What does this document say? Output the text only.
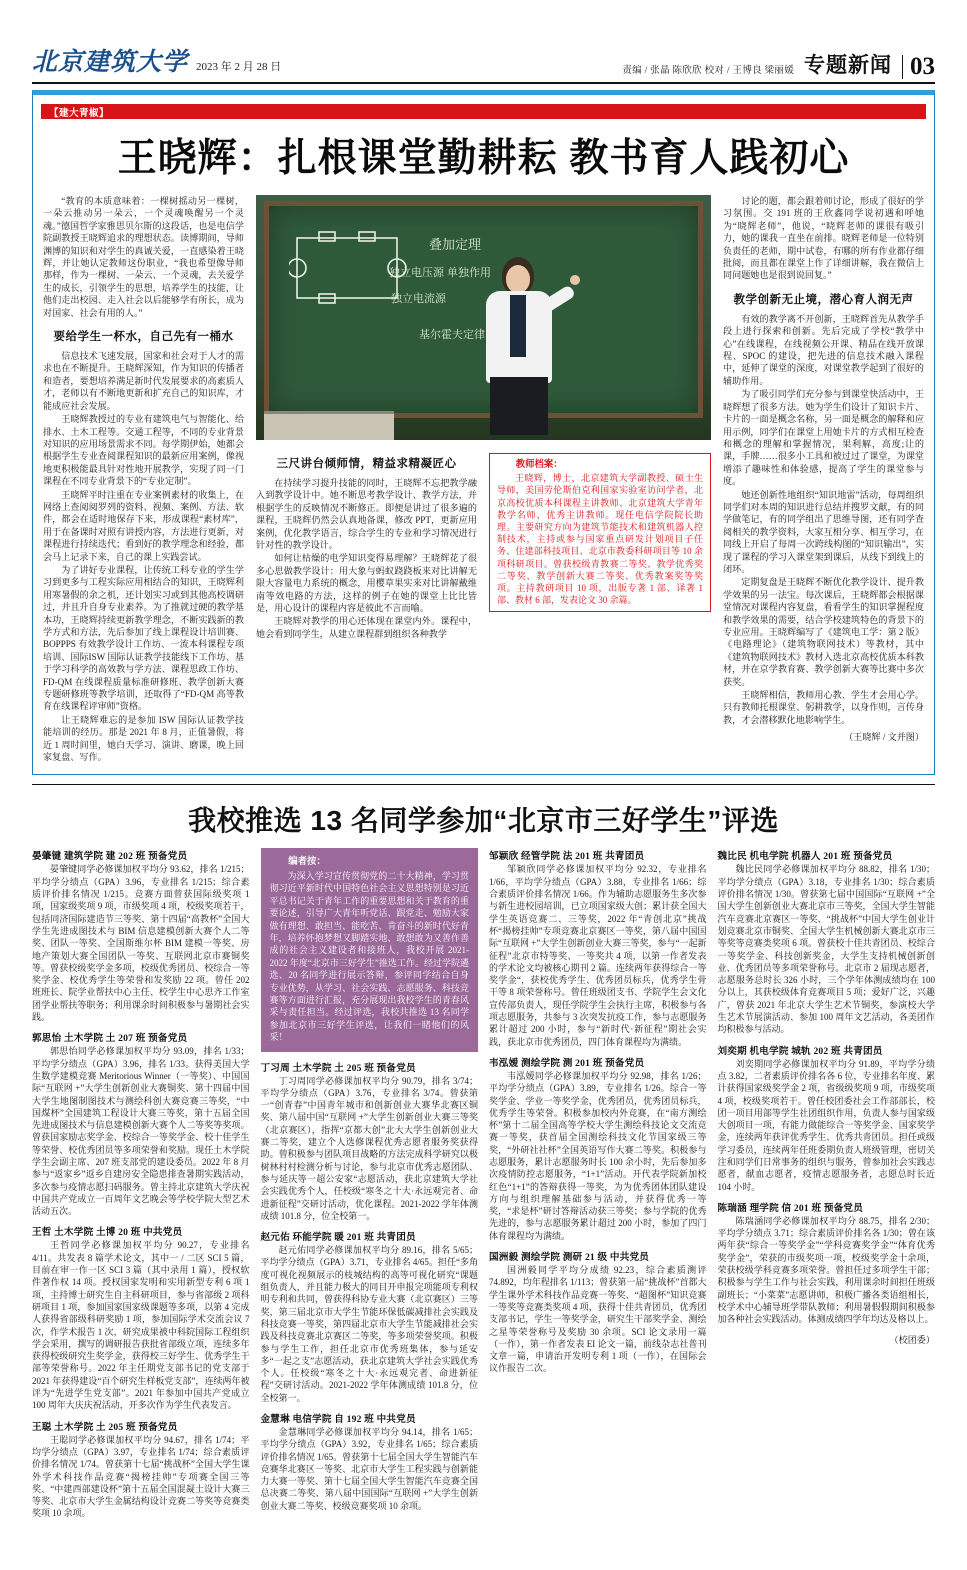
北京建筑大学 2023 年 2 月 28 日	责编 / 张晶 陈欣欣 校对 / 王博良 梁丽媛 专题新闻 03
【建大青椒】
王晓辉：扎根课堂勤耕耘 教书育人践初心

“教育的本质意味着：一棵树摇动另一棵树，一朵云推动另一朵云，一个灵魂唤醒另一个灵魂。”德国哲学家雅思贝尔斯的这段话，也是电信学院副教授王晓辉追求的理想状态。读博期间，导师渊博的知识和对学生的真诚关爱，一直感染着王晓辉，并让她认定教师这份职业，“我也希望像导师那样，作为一棵树、一朵云、一个灵魂，去关爱学生的成长，引领学生的思想，培养学生的技能，让他们走出校园、走入社会以后能够学有所长，成为对国家、社会有用的人。”

要给学生一杯水，自己先有一桶水

信息技术飞速发展，国家和社会对于人才的需求也在不断提升。王晓辉深知，作为知识的传播者和造者，要想培养满足新时代发展要求的高素质人才，老师以有不断地更新和扩充自己的知识库，才能成应社会发展。

王晓辉教授过的专业有建筑电气与智能化、给排水、土木工程等。交通工程等，不同的专业背景对知识的应用场景需求不同。每学期伊始，她都会根据学生专业查阅课程知识的最新应用案例，像视地更积极能最具针对性地开展教学，实现了同一门课程在不同专业背景下的“专业定制”。

王晓辉平时注重在专业案例素材的收集上，在网络上查阅阅罗列的资料、视频、案例、方法、软件，都会在适时地保存下来，形成课程“素材库”，用于在备课时对照有讲授内容，方法进行更新，对课程进行持续迭代；看到好的教学理念和经验，都会马上记录下来，自己的课上实践尝试。

为了讲好专业课程，让传统工科专业的学生学习到更多与工程实际应用相结合的知识，王晓辉利用寒暑假的余之机，还计划实习或到其他高校调研过，并且升自身专业素养。为了推就过硬的教学基本功，王晓辉持续更新教学理念，不断实践新的教学方式和方法，先后参加了线上课程设计培训赛、BOPPPS 有效教学设计工作坊、一流本科课程专项培训、国际ISW 国际认证教学技能线下工作坊、基于学习科学的高效教与学方法、课程思政工作坊、FD-QM 在线课程质量标准研修班、教学创新大赛专题研修班等教学培训，还取得了“FD-QM 高等教育在线课程评审师”资格。

让王晓辉难忘的是参加 ISW 国际认证教学技能培训的经历。那是 2021 年 8 月，正值暑假，将近 1 周时间里，她白天学习、演讲、磨课，晚上回家复盘、写作。

叠加定理
独立电压源 单独作用
独立电流源
基尔霍夫定律
三尺讲台倾师情，精益求精凝匠心

在持续学习提升技能的同时，王晓辉不忘把教学融入到教学设计中。她不断思考教学设计、教学方法，并根据学生的反映情况不断修正。即便是讲过了很多遍的课程，王晓辉仍然会认真地备课，修改 PPT，更新应用案例，优化教学语言，综合学生的专业和学习情况进行针对性的教学设计。

如何让枯燥的电学知识变得易理解？王晓辉花了很多心思做教学设计：用大象与蚂蚁跷跷板来对比讲解无限大容量电力系统的概念，用樱草果实来对比讲解戴维南等效电路的方法，这样的例子在她的课堂上比比皆是，用心设计的课程内容是彼此不言而喻。

王晓辉对教学的用心还体现在课堂内外。课程中，她会看到同学生，从建立课程群到组织各种教学

教师档案：

王晓辉，博士，北京建筑大学副教授、硕士生导师，美国劳伦斯伯克利国家实验室访问学者，北京高校优质本科课程主讲教师、北京建筑大学青年教学名师、优秀主讲教师。现任电信学院院长助理。主要研究方向为建筑节能技术和建筑机器人控制技术，主持或参与国家重点研发计划项目子任务、住建部科技项目、北京市教委科研项目等 10 余项科研项目。曾获校级青教赛二等奖、教学优秀奖二等奖、教学创新大赛二等奖、优秀教案奖等奖项。主持教研项目 10 项，出版专著 1 部、译著 1 部、教材 6 部，发表论文 30 余篇。

讨论的题，都会跟着师讨论，形成了很好的学习氛围。交 191 班的王欣鑫同学说初遇和呼她为“晓辉老师”，他说，“晓辉老师的课很有吸引力，她的课我一直坐在前排。晓辉老师是一位特别负责任的老师，期中试卷，有哪的所有作业都仔细批阅，而且都在课堂上作了详细讲解，我在微信上同问题她也是很到说回复。”

教学创新无止境，潜心育人润无声

有效的教学离不开创新，王晓辉首先从教学手段上进行探索和创新。先后完成了学校“教学中心”在线课程，在线视频公开课、精品在线开放课程、SPOC 的建设，把先进的信息技术融入课程中，延伸了课堂的深度，对课堂教学起到了很好的辅助作用。

为了吸引同学们充分参与到课堂快活动中，王晓辉想了很多方法。她为学生们设计了知识卡片、卡片的一面是概念名称，另一面是概念的解释和应用示例，同学们在课堂上用她卡片的方式相互检查和概念的理解和掌握情况，果利解，高度;让的课，手牌……很多小工具和被过过了课堂，为课堂增添了趣味性和体验感，提高了学生的课堂参与度。

她还创新性地组织“知识地雷”活动，每周组织同学们对本周的知识进行总结并搜罗文献，有的同学做笔记，有的同学组出了思维导图，还有同学查阅相关的教学资料，大家互相分享、相互学习，在同线上开启了每周一次跨线构图的“知识输出”，实现了课程的学习入课堂架到课后，从线下到线上的闭环。

定期复盘是王晓辉不断优化教学设计、提升教学效果的另一法宝。每次课后，王晓辉都会根据课堂情况对课程内容复盘，看看学生的知识掌握程度和教学效果的需要，结合学校建筑特色的背景下的专业应用。王晓辉编写了《建筑电工学：第 2 版》《电路理论》（建筑物联网技术）等教材，其中《建筑物联网技术》教材入选北京高校优质本科教材，并在京学教育赛、教学创新大赛等比赛中多次获奖。

王晓辉相信，教师用心教、学生才会用心学。只有教师托根课堂、躬耕教学，以身作则，言传身教，才会潜移默化地影响学生。

（王晓辉 / 文并图）
我校推选 13 名同学参加“北京市三好学生”评选
晏肇键 建筑学院 建 202 班 预备党员

晏肇键同学必修课加权平均分 93.62，排名 1/215；平均学分绩点（GPA）3.96，专业排名 1/215；综合素质评价排名情况 1/215。竞赛方面曾获国际级奖项 1 项，国家级奖项 9 项，市级奖项 4 项，校级奖项若干，包括同济国际建造节三等奖、第十四届“高教杯”全国大学生先进成图技术与 BIM 信息建模创新大赛个人二等奖、团队一等奖、全国斯维尔杯 BIM 建模一等奖、房地产策划大赛全国团队一等奖、互联网北京市赛铜奖等。曾获校级奖学金多项，校级优秀团员、校综合一等奖学金、校优秀学生等荣誉和发奖励 22 项。曾任 202 班班长、院学业帮扶中心主任、校学生中心思齐工作室团学业帮扶等职务；利用课余时间积极参与暑期社会实践。

郭思怡 土木学院 土 207 班 预备党员

郭思怡同学必修课加权平均分 93.09，排名 1/33；平均学分绩点（GPA）3.96，排名 1/33。获得美国大学生数学建模竞赛 Meritorious Winner（一等奖）、中国国际“互联网 +”大学生创新创业大赛铜奖、第十四届中国大学生地图制图技术与测绘科创大赛竞赛三等奖，“中国煤杯”全国建筑工程设计大赛三等奖，第十五届全国先进成图技术与信息建模创新大赛个人二等奖等奖项。曾获国家励志奖学金、校综合一等奖学金、校十佳学生等荣誉、校优秀团员等多项荣誉和奖励。现任土木学院学生会副主席、207 班支部党的建设委员。2022 年 8 月参与“返家乡”返乡自建房安全隐患排查暑期实践活动，多次参与疫情志愿扫码服务。曾主持北京建筑大学庆祝中国共产党成立一百周年文艺晚会等学校学院大型艺术活动五次。

王哲 土木学院 土博 20 班 中共党员

王哲同学必修课加权平均分 90.27，专业排名 4/11。共发表 8 篇学术论文，其中一 / 二区 SCI 5 篇，目前在审一作一区 SCI 3 篇（其中录用 1 篇），授权软件著作权 14 项。授权国家发明和实用新型专利 6 项 1 项，主持博士研究生自主科研项目，参与省部级 2 项科研项目 1 项，参加国家国家级课题等多项，以第 4 完成人获得省部级科研奖励 1 项，参加国际学术交流会议 7 次，作学术报告 1 次，研究成果被中科院国际工程组织学会采用，撰写的调研报告获批省部级立项，连续多年获得校级研究生奖学金，获得校三好学生、优秀学生干部等荣誉称号。2022 年主任期党支部书记的党支部于 2021 年获得建设“百个研究生样板党支部”，连续两年被评为“先进学生党支部”。2021 年参加中国共产党成立 100 周年大庆庆祝活动，开多次作为学生代表发言。

王聪 土木学院 土 205 班 预备党员

王聪同学必修课加权平均分 94.67，排名 1/74；平均学分绩点（GPA）3.97，专业排名 1/74；综合素质评价排名情况 1/74。曾获第十七届“挑战杯”全国大学生课外学术科技作品竞赛“揭榜挂帅”专项赛全国三等奖、“中建西部建设杯”第十五届全国混凝土设计大赛三等奖、北京市大学生金属结构设计竞赛二等奖等竞赛类奖项 10 余项。

编者按：

为深入学习宣传贯彻党的二十大精神，学习贯彻习近平新时代中国特色社会主义思想特别是习近平总书记关于青年工作的重要思想和关于教育的重要论述，引导广大青年听党话、跟党走、勉励大家做有理想、敢担当、能吃苦、肯奋斗的新时代好青年，培养怀抱梦想又脚踏实地、敢想敢为又善作善成的社会主义建设者和接班人，我校开展 2021-2022 年度“北京市三好学生”推选工作。经过学院遴选、20 名同学进行展示答辩，参评同学结合自身专业优势，从学习、社会实践、志愿服务、科技竞赛等方面进行汇报，充分展现出我校学生的青春风采与责任担当。经过评选，我校共推选 13 名同学参加北京市三好学生评选，让我们一睹他们的风采！

丁习周 土木学院 土 205 班 预备党员

丁习周同学必修课加权平均分 90.79，排名 3/74；平均学分绩点（GPA）3.76，专业排名 3/74。曾获第一“创青春”中国青年城市和创新创业大赛华北赛区铜奖、第八届中国“互联网 +”大学生创新创业大赛三等奖（北京赛区），指挥“京都大创”北大大学生创新创业大赛二等奖，建立个人选修课程优秀志愿者服务奖获得助。曾积极参与团队项目战略的方法完成科学研究以极树林村村检测分析与讨论，参与北京市优秀志愿团队、参与延庆等一超公安家“志愿活动，获北京建筑大学社会实践优秀个人，任校级“寒冬之十大·永远观完者、命进新征程”交研讨活动，优化课程。2021-2022 学年体测成绩 101.8 分，位全校第一。

赵元佑 环能学院 暖 201 班 共青团员

赵元佑同学必修课加权平均分 89.16，排名 5/65；平均学分绩点（GPA）3.71，专业排名 4/65。担任“多角度可视化视频展示的枝城结构的高等可视化研究“课题组负责人，并且能力极大的同目开申报完项能项专利权明专利和共同，曾获得科协专业大赛（北京赛区）三等奖，第三届北京市大学生节能环保低碳减排社会实践及科技竞赛一等奖，第四届北京市大学生节能减排社会实践及科技竞赛北京赛区二等奖，等多项荣誉奖项。积极参与学生工作，担任北京市优秀班集体，参与延安多“一起之支”志愿活动，获北京建筑大学社会实践优秀个人。任校级“寒冬之十大·永远观完者、命进新征程”交研讨活动。2021-2022 学年体测成绩 101.8 分，位全校第一。

金慧琳 电信学院 自 192 班 中共党员

金慧琳同学必修课加权平均分 94.14，排名 1/65；平均学分绩点（GPA）3.92，专业排名 1/65；综合素质评价排名情况 1/65。曾获第十七届全国大学生智能汽车竞赛华北赛区一等奖、北京市大学生工程实践与创新能力大赛一等奖、第十七届全国大学生智能汽车竞赛全国总决赛二等奖、第八届中国国际“互联网 +”大学生创新创业大赛二等奖、校级竞赛奖项 10 余项。

邹颖欣 经管学院 法 201 班 共青团员

邹颖欣同学必修课加权平均分 92.32，专业排名 1/66，平均学分绩点（GPA）3.88，专业排名 1/66；综合素质评价排名情况 1/66。作为辅助志愿服务生多次参与新生进校园培训，已立项国家级大创；累计获全国大学生英语竞赛二、三等奖，2022 年“青创北京”挑战杯“揭榜挂帅”专项竞赛北京赛区一等奖，第八届中国国际“互联网 +”大学生创新创业大赛三等奖，参与“一起新征程”北京市特等奖、一等奖共 4 项，以第一作者发表的学术论文均被核心期刊 2 篇。连续两年获得综合一等奖学金“，获校优秀学生、优秀团员标兵，优秀学生骨干等 8 项荣誉称号。曾任班级团支书、学院学生会文化宣传部负责人，现任学院学生会执行主席，积极参与各项志愿服务，共参与 3 次突发抗疫工作，参与志愿服务累计超过 200 小时，参与“新时代·新征程”期社会实践，获北京市优秀团员，四门体育课程均为满绩。

韦泓嫒 测绘学院 测 201 班 预备党员

韦泓嫒同学必修课加权平均分 92.98，排名 1/26；平均学分绩点（GPA）3.89，专业排名 1/26。综合一等奖学金、学业一等奖学金，优秀团员，优秀团员标兵，优秀学生等荣誉。积极参加校内外竞赛，在“南方测绘杯”第十二届全国高等学校大学生测绘科技论文交流竞赛一等奖，获首届全国测绘科技文化节国家级三等奖，“外研社社杯”全国英语写作大赛二等奖。积极参与志愿服务，累计志愿服务时长 100 余小时，先后参加多次疫情防控志愿服务，“1+1”活动。开代表学院新加校红色“1+1”的答辩获得一等奖，为为优秀团体团队建设方向与组织理解基础参与活动，并获得优秀一等奖，“求是杯”研讨答辩活动获三等奖；参与学院的优秀先进的，参与志愿服务累计超过 200 小时，参加了四门体育课程均为满绩。

国洲毅 测绘学院 测研 21 级 中共党员

国洲毅同学平均分成绩 92.23，综合素质测评 74.892，均年程排名 1/113；曾获第一届“挑战杯”首都大学生课外学术科技作品竞赛一等奖、“超图杯”知识竞赛一等奖等竞赛类奖项 4 项，获得十佳共青团员，优秀团支部书记，学生一等奖学金，研究生干部奖学金、测绘之星等荣誉称号及奖励 30 余项。SCI 论文录用一篇（一作），第一作者发表 EI 论文一篇，前线杂志社普刊文章一篇，申请治开发明专利 1 项（一作），在国际会议作报告二次。

魏比民 机电学院 机器人 201 班 预备党员

魏比民同学必修课加权平均分 88.82，排名 1/30；平均学分绩点（GPA）3.18，专业排名 1/30；综合素质评价排名情况 1/30。曾获第七届中国国际“互联网 +”全国大学生创新创业大赛北京市三等奖，全国大学生智能汽车竞赛北京赛区一等奖、“挑战杯”中国大学生创业计划竞赛北京市铜奖、全国大学生机械创新大赛北京市三等奖等竞赛类奖项 6 项。曾获校十佳共青团员、校综合一等奖学金、科技创新奖金，大学生支持机械创新创业、优秀团员等多项荣誉称号。北京市 2 届现志愿者，志愿服务总时长 326 小时，三个学年体测成绩均在 100 分以上，其获校级体育竞赛项目 5 项；爱好广泛，兴趣广，曾获 2021 年北京大学生艺术节铜奖，参演校大学生艺术节展演活动、参加 100 周年文艺活动，各美团作均积极参与活动。

刘奕期 机电学院 城轨 202 班 共青团员

刘奕期同学必修课加权平均分 91.89，平均学分绩点 3.82，二者素质评价排名各 6 位，专业排名年度、累计获得国家级奖学金 2 项，省级级奖项 9 项，市级奖项 4 项，校级奖项若干。曾任校团委社会工作部部长，校团一项目用部等学生社团组织作用，负责人参与国家级大创项目一项，有能力做能综合一等奖学金、国家奖学金，连续两年获评优秀学生、优秀共青团员。担任或级学习委员，连续两年任班委期负责人班级管理，密切关注和同学们日常事务的组织与服务，曾参加社会实践志愿者，献血志愿者，疫情志愿服务者，志愿总时长近 104 小时。

陈瑞涵 理学院 信 201 班 预备党员

陈瑞涵同学必修课加权平均分 88.75，排名 2/30；平均学分绩点 3.71；综合素质评价排名各 1/30；曾在该两年获“综合一等奖学金”“学科竞赛奖学金”“体育优秀奖学金”，荣获的市级奖项一项，校级奖学金十余项，荣获校级学科竞赛多项荣誉。曾担任过多项学生干部；积极参与学生工作与社会实践，利用课余时间担任班级副班长；“小菜菜”志愿讲师，积极广播各类语组相长，校学术中心辅导班学带队教师；利用暑假假期间积极参加各种社会实践活动。体测成绩四学年均达及格以上。

（校团委）
